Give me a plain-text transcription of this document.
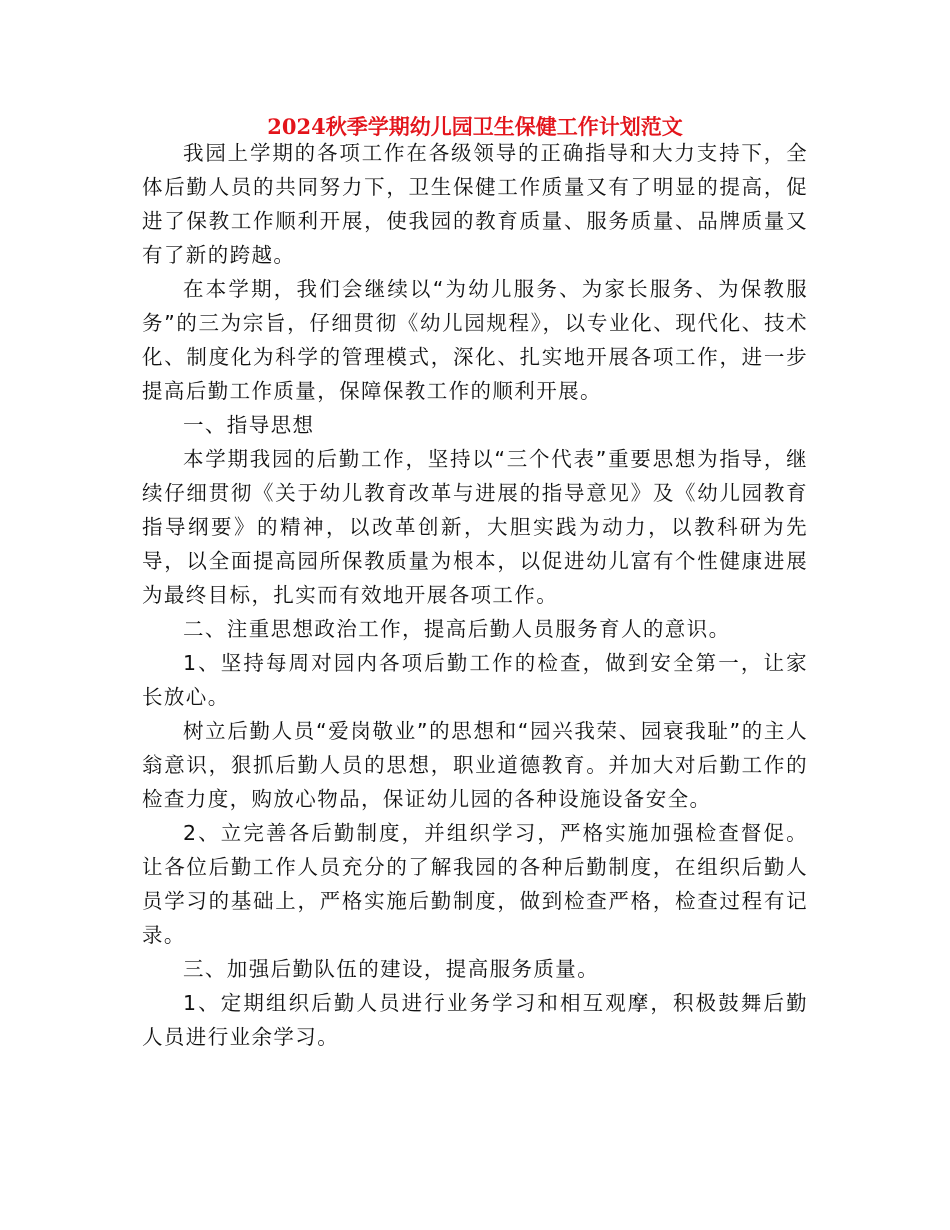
2024秋季学期幼儿园卫生保健工作计划范文

我园上学期的各项工作在各级领导的正确指导和大力支持下，全体后勤人员的共同努力下，卫生保健工作质量又有了明显的提高，促进了保教工作顺利开展，使我园的教育质量、服务质量、品牌质量又有了新的跨越。

在本学期，我们会继续以“为幼儿服务、为家长服务、为保教服务”的三为宗旨，仔细贯彻《幼儿园规程》，以专业化、现代化、技术化、制度化为科学的管理模式，深化、扎实地开展各项工作，进一步提高后勤工作质量，保障保教工作的顺利开展。

一、指导思想

本学期我园的后勤工作，坚持以“三个代表”重要思想为指导，继续仔细贯彻《关于幼儿教育改革与进展的指导意见》及《幼儿园教育指导纲要》的精神，以改革创新，大胆实践为动力，以教科研为先导，以全面提高园所保教质量为根本，以促进幼儿富有个性健康进展为最终目标，扎实而有效地开展各项工作。

二、注重思想政治工作，提高后勤人员服务育人的意识。

1、坚持每周对园内各项后勤工作的检查，做到安全第一，让家长放心。

树立后勤人员“爱岗敬业”的思想和“园兴我荣、园衰我耻”的主人翁意识，狠抓后勤人员的思想，职业道德教育。并加大对后勤工作的检查力度，购放心物品，保证幼儿园的各种设施设备安全。

2、立完善各后勤制度，并组织学习，严格实施加强检查督促。让各位后勤工作人员充分的了解我园的各种后勤制度，在组织后勤人员学习的基础上，严格实施后勤制度，做到检查严格，检查过程有记录。

三、加强后勤队伍的建设，提高服务质量。

1、定期组织后勤人员进行业务学习和相互观摩，积极鼓舞后勤人员进行业余学习。
